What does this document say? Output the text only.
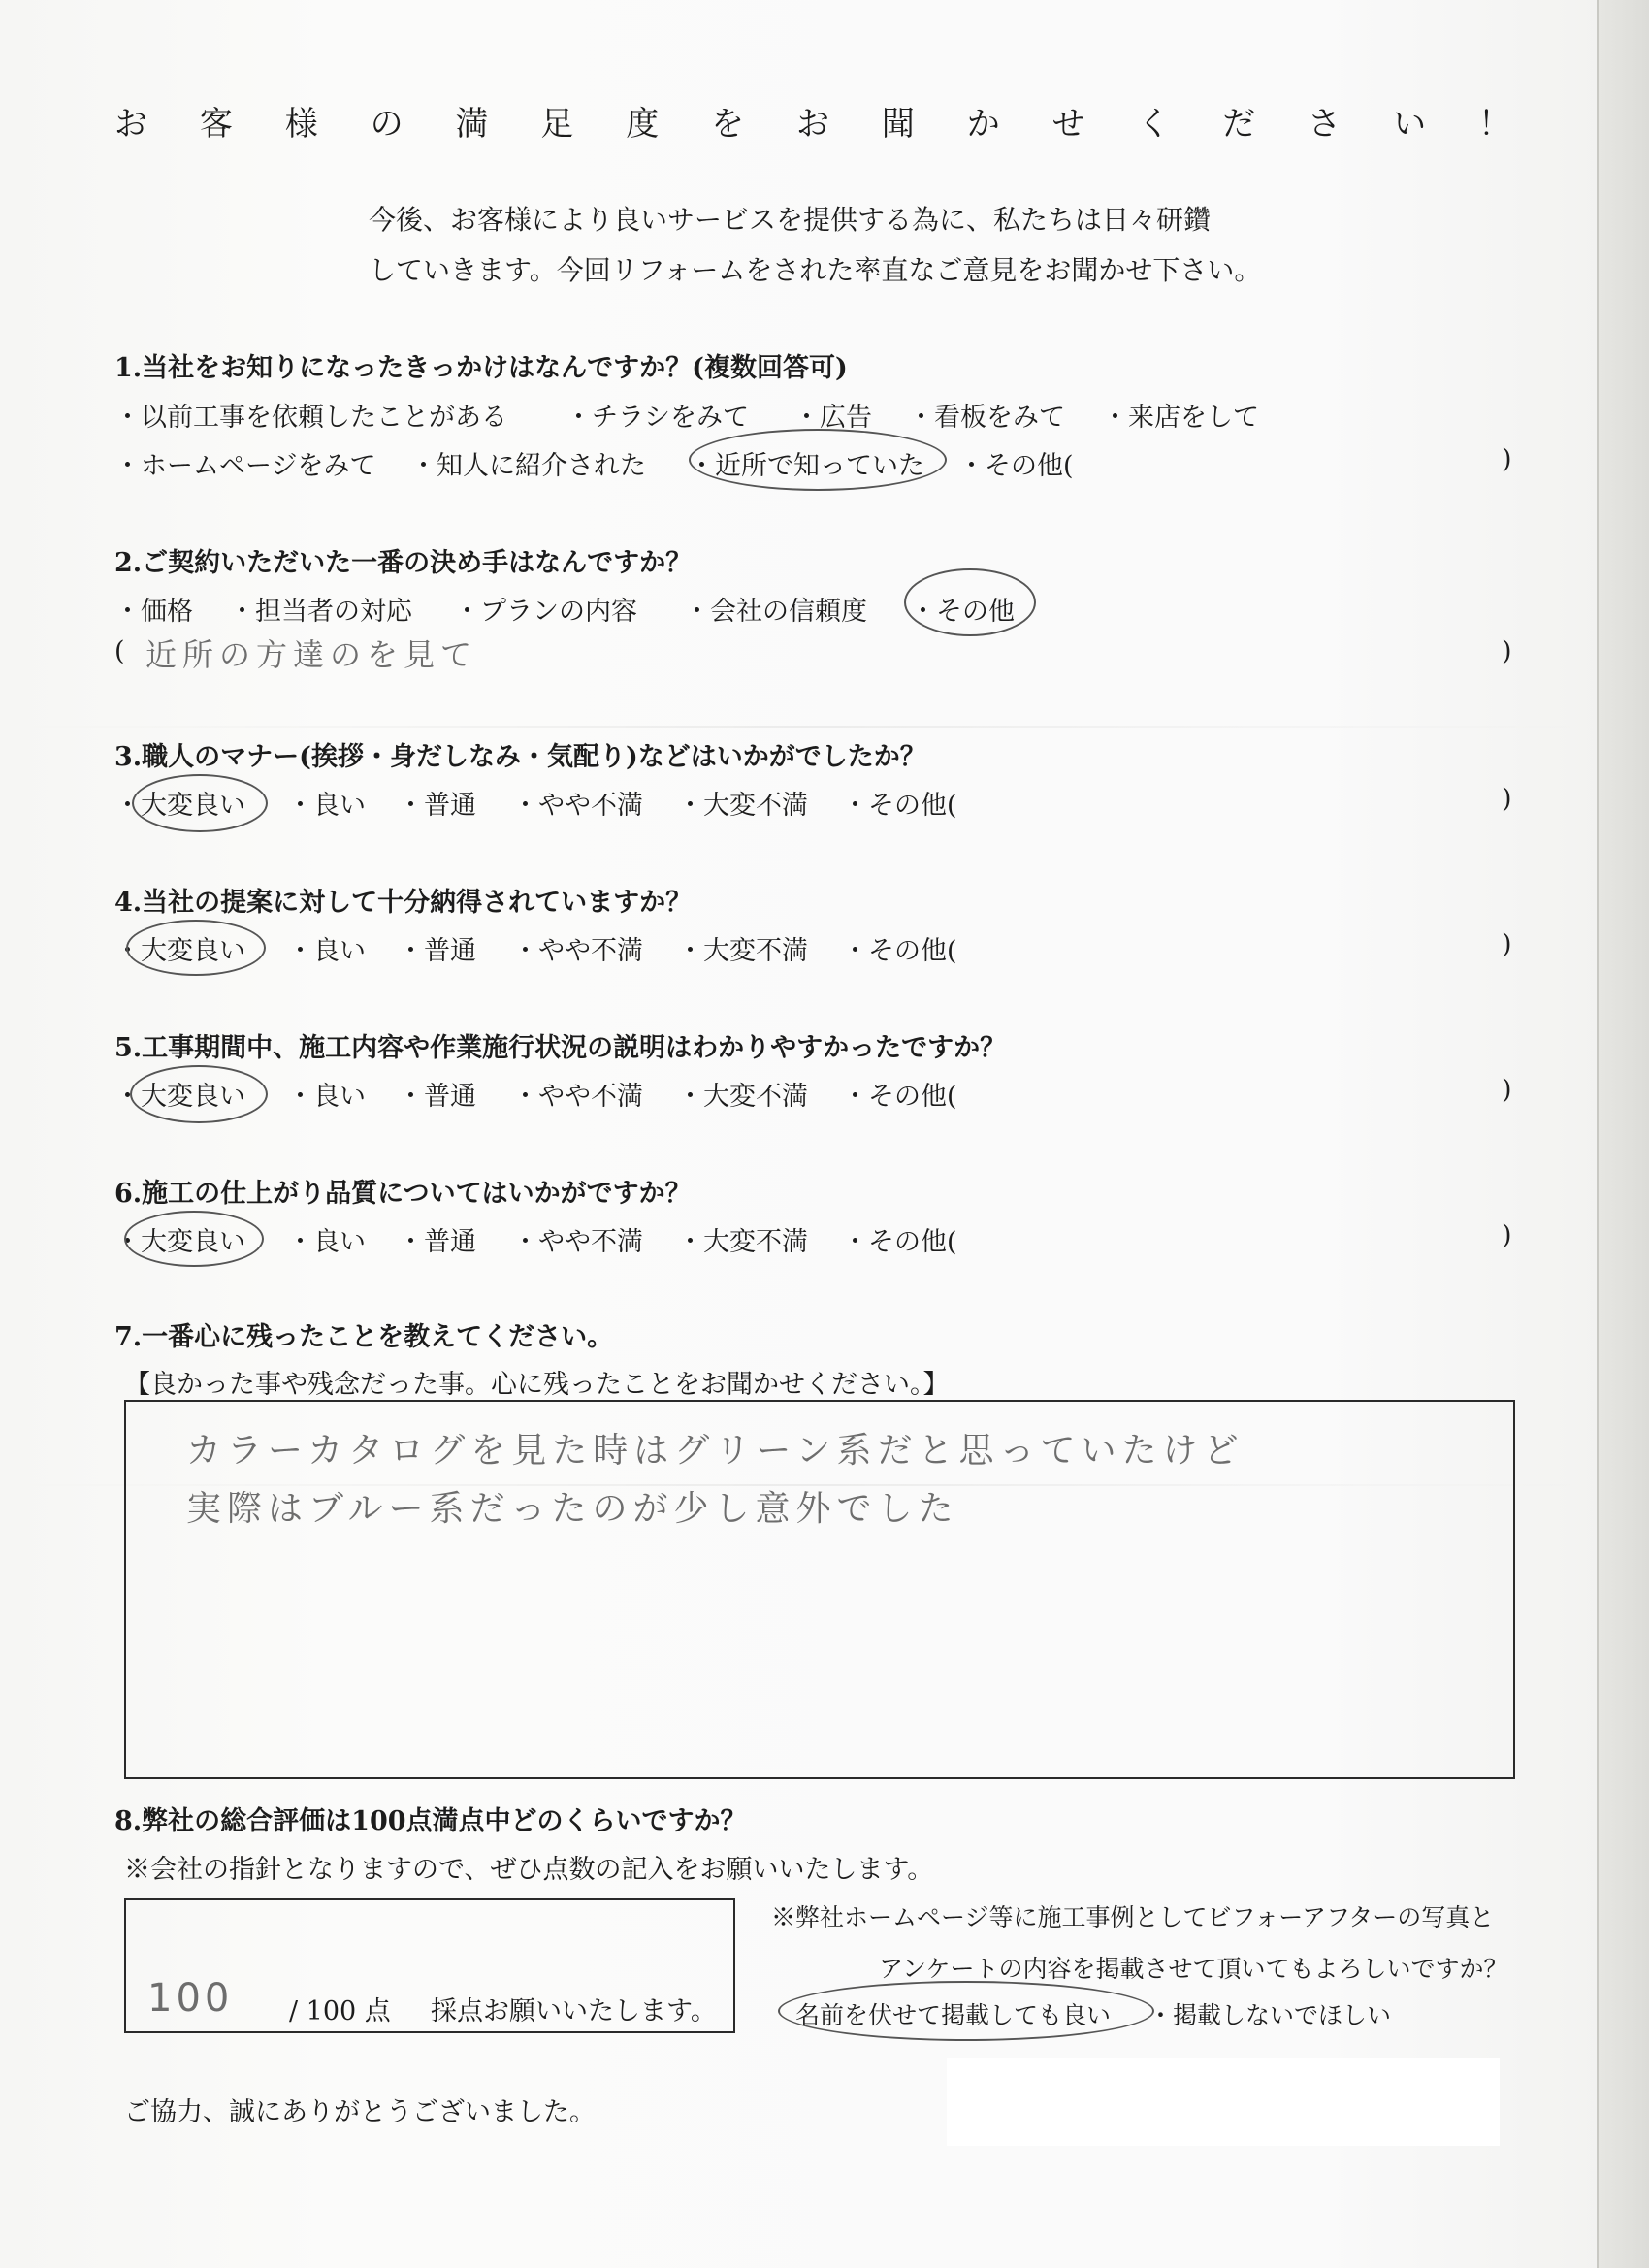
お 客 様 の 満 足 度 を お 聞 か せ く だ さ い ！
今後、お客様により良いサービスを提供する為に、私たちは日々研鑽
していきます。今回リフォームをされた率直なご意見をお聞かせ下さい。
1.当社をお知りになったきっかけはなんですか？(複数回答可)
・以前工事を依頼したことがある ・チラシをみて ・広告 ・看板をみて ・来店をして
・ホームページをみて ・知人に紹介された ・近所で知っていた ・その他(	)
2.ご契約いただいた一番の決め手はなんですか？
・価格 ・担当者の対応 ・プランの内容 ・会社の信頼度 ・その他
( 近所の方達のを見て	)
3.職人のマナー(挨拶・身だしなみ・気配り)などはいかがでしたか？
・大変良い ・良い ・普通 ・やや不満 ・大変不満 ・その他(	)
4.当社の提案に対して十分納得されていますか？
・大変良い ・良い ・普通 ・やや不満 ・大変不満 ・その他(	)
5.工事期間中、施工内容や作業施行状況の説明はわかりやすかったですか？
・大変良い ・良い ・普通 ・やや不満 ・大変不満 ・その他(	)
6.施工の仕上がり品質についてはいかがですか？
・大変良い ・良い ・普通 ・やや不満 ・大変不満 ・その他(	)
7.一番心に残ったことを教えてください。
【良かった事や残念だった事。心に残ったことをお聞かせください。】
カラーカタログを見た時はグリーン系だと思っていたけど
実際はブルー系だったのが少し意外でした
8.弊社の総合評価は100点満点中どのくらいですか？
※会社の指針となりますので、ぜひ点数の記入をお願いいたします。
100 / 100 点 採点お願いいたします。
※弊社ホームページ等に施工事例としてビフォーアフターの写真と
アンケートの内容を掲載させて頂いてもよろしいですか？
名前を伏せて掲載しても良い ・掲載しないでほしい
ご協力、誠にありがとうございました。
